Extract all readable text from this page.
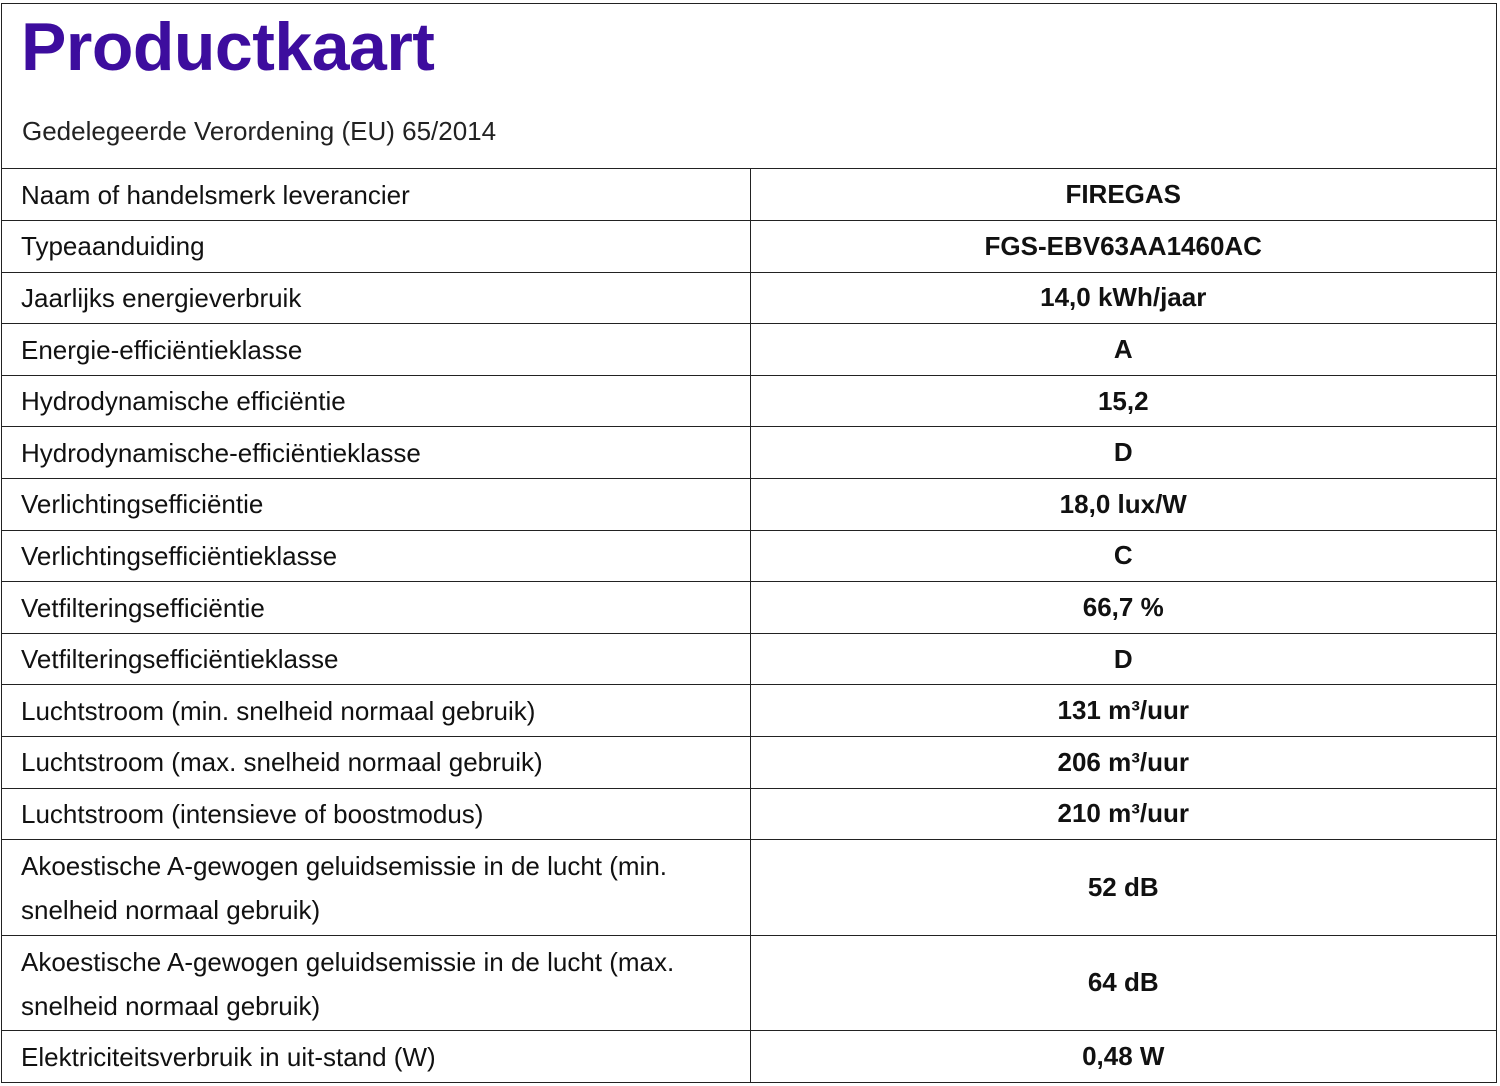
Productkaart
Gedelegeerde Verordening (EU) 65/2014
Naam of handelsmerk leverancier	FIREGAS
Typeaanduiding	FGS-EBV63AA1460AC
Jaarlijks energieverbruik	14,0 kWh/jaar
Energie-efficiëntieklasse	A
Hydrodynamische efficiëntie	15,2
Hydrodynamische-efficiëntieklasse	D
Verlichtingsefficiëntie	18,0 lux/W
Verlichtingsefficiëntieklasse	C
Vetfilteringsefficiëntie	66,7 %
Vetfilteringsefficiëntieklasse	D
Luchtstroom (min. snelheid normaal gebruik)	131 m³/uur
Luchtstroom (max. snelheid normaal gebruik)	206 m³/uur
Luchtstroom (intensieve of boostmodus)	210 m³/uur
Akoestische A-gewogen geluidsemissie in de lucht (min. snelheid normaal gebruik)	52 dB
Akoestische A-gewogen geluidsemissie in de lucht (max. snelheid normaal gebruik)	64 dB
Elektriciteitsverbruik in uit-stand (W)	0,48 W
